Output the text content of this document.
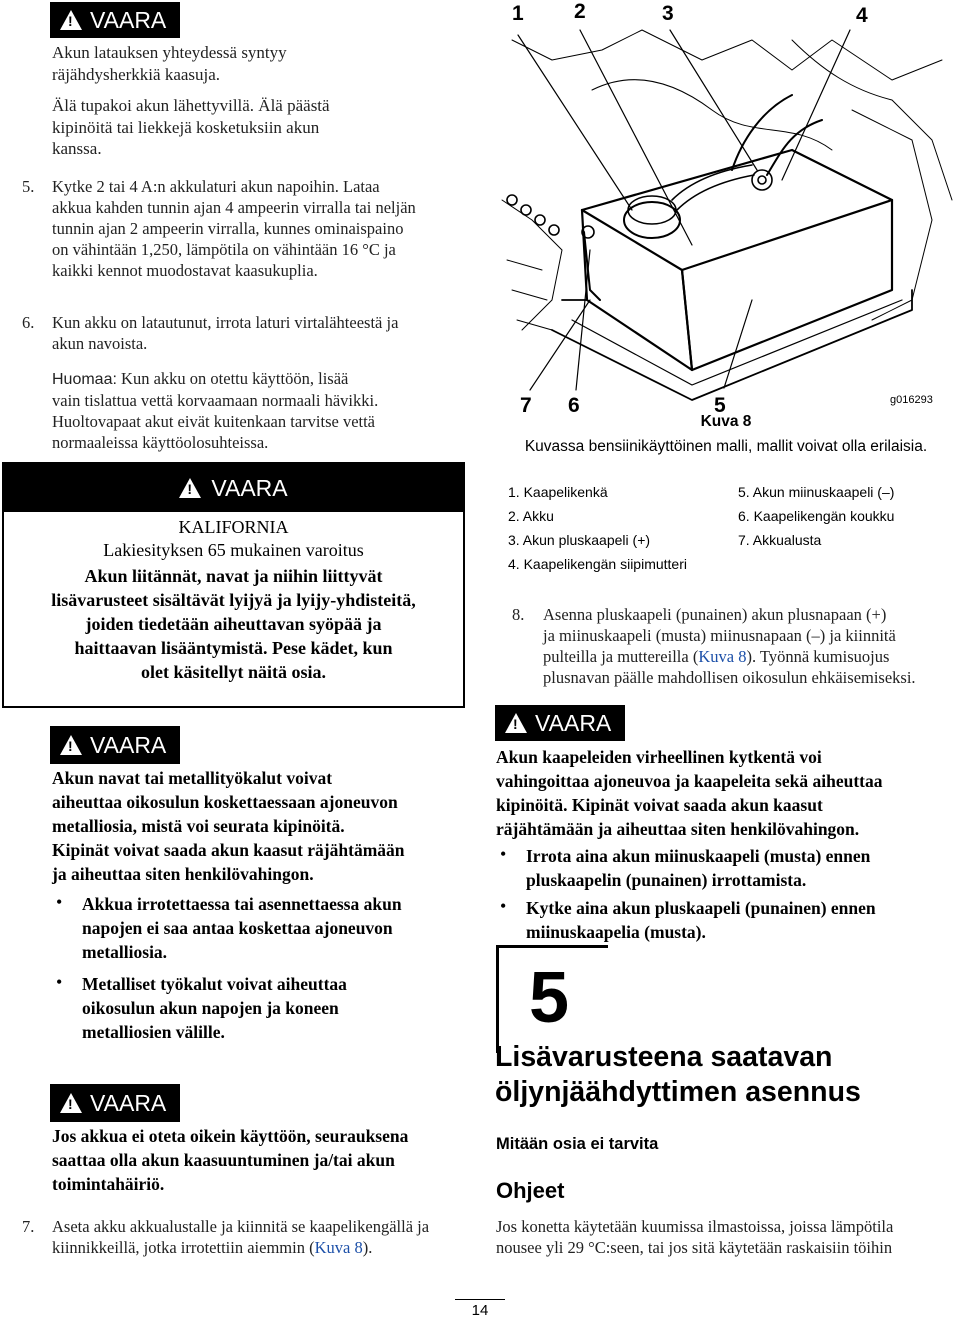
!
VAARA
Akun latauksen yhteydessä syntyy
räjähdysherkkiä kaasuja.
Älä tupakoi akun lähettyvillä. Älä päästä
kipinöitä tai liekkejä kosketuksiin akun
kanssa.
5. Kytke 2 tai 4 A:n akkulaturi akun napoihin. Lataa
akkua kahden tunnin ajan 4 ampeerin virralla tai neljän
tunnin ajan 2 ampeerin virralla, kunnes ominaispaino
on vähintään 1,250, lämpötila on vähintään 16 °C ja
kaikki kennot muodostavat kaasukuplia.
6. Kun akku on latautunut, irrota laturi virtalähteestä ja
akun navoista.
Huomaa: Kun akku on otettu käyttöön, lisää
vain tislattua vettä korvaamaan normaali hävikki.
Huoltovapaat akut eivät kuitenkaan tarvitse vettä
normaaleissa käyttöolosuhteissa.
!
VAARA
KALIFORNIA
Lakiesityksen 65 mukainen varoitus
Akun liitännät, navat ja niihin liittyvät
lisävarusteet sisältävät lyijyä ja lyijy-yhdisteitä,
joiden tiedetään aiheuttavan syöpää ja
haittaavan lisääntymistä. Pese kädet, kun
olet käsitellyt näitä osia.
!
VAARA
Akun navat tai metallityökalut voivat
aiheuttaa oikosulun koskettaessaan ajoneuvon
metalliosia, mistä voi seurata kipinöitä.
Kipinät voivat saada akun kaasut räjähtämään
ja aiheuttaa siten henkilövahingon.
• Akkua irrotettaessa tai asennettaessa akun
napojen ei saa antaa koskettaa ajoneuvon
metalliosia.
• Metalliset työkalut voivat aiheuttaa
oikosulun akun napojen ja koneen
metalliosien välille.
!
VAARA
Jos akkua ei oteta oikein käyttöön, seurauksena
saattaa olla akun kaasuuntuminen ja/tai akun
toimintahäiriö.
7. Aseta akku akkualustalle ja kiinnitä se kaapelikengällä ja
kiinnikkeillä, jotka irrotettiin aiemmin (Kuva 8).
1 2	3	4
7 6	5	g016293
Kuva 8
Kuvassa bensiinikäyttöinen malli, mallit voivat olla erilaisia.
1. Kaapelikenkä
2. Akku
3. Akun pluskaapeli (+)
4. Kaapelikengän siipimutteri
5. Akun miinuskaapeli (–)
6. Kaapelikengän koukku
7. Akkualusta
8. Asenna pluskaapeli (punainen) akun plusnapaan (+)
ja miinuskaapeli (musta) miinusnapaan (–) ja kiinnitä
pulteilla ja muttereilla (Kuva 8). Työnnä kumisuojus
plusnavan päälle mahdollisen oikosulun ehkäisemiseksi.
!
VAARA
Akun kaapeleiden virheellinen kytkentä voi
vahingoittaa ajoneuvoa ja kaapeleita sekä aiheuttaa
kipinöitä. Kipinät voivat saada akun kaasut
räjähtämään ja aiheuttaa siten henkilövahingon.
• Irrota aina akun miinuskaapeli (musta) ennen
pluskaapelin (punainen) irrottamista.
• Kytke aina akun pluskaapeli (punainen) ennen
miinuskaapelia (musta).
5
Lisävarusteena saatavan
öljynjäähdyttimen asennus
Mitään osia ei tarvita
Ohjeet
Jos konetta käytetään kuumissa ilmastoissa, joissa lämpötila
nousee yli 29 °C:seen, tai jos sitä käytetään raskaisiin töihin
14
